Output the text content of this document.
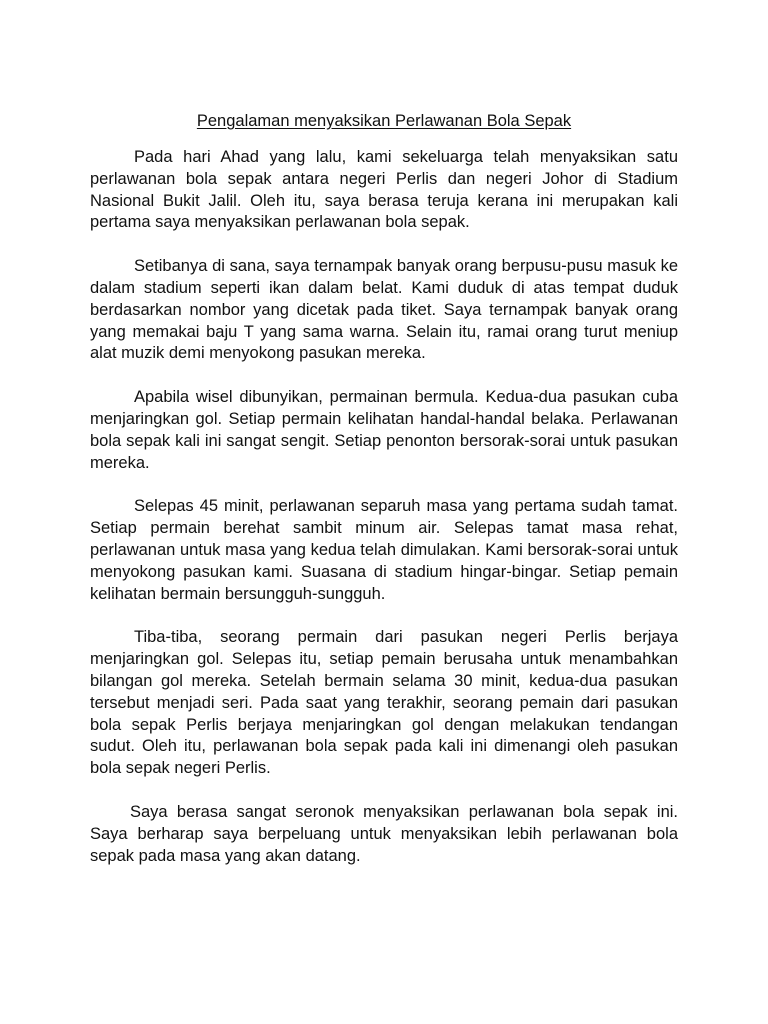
Pengalaman menyaksikan Perlawanan Bola Sepak

Pada hari Ahad yang lalu, kami sekeluarga telah menyaksikan satu perlawanan bola sepak antara negeri Perlis dan negeri Johor di Stadium Nasional Bukit Jalil. Oleh itu, saya berasa teruja kerana ini merupakan kali pertama saya menyaksikan perlawanan bola sepak.

Setibanya di sana, saya ternampak banyak orang berpusu-pusu masuk ke dalam stadium seperti ikan dalam belat. Kami duduk di atas tempat duduk berdasarkan nombor yang dicetak pada tiket. Saya ternampak banyak orang yang memakai baju T yang sama warna. Selain itu, ramai orang turut meniup alat muzik demi menyokong pasukan mereka.

Apabila wisel dibunyikan, permainan bermula. Kedua-dua pasukan cuba menjaringkan gol. Setiap permain kelihatan handal-handal belaka. Perlawanan bola sepak kali ini sangat sengit. Setiap penonton bersorak-sorai untuk pasukan mereka.

Selepas 45 minit, perlawanan separuh masa yang pertama sudah tamat. Setiap permain berehat sambit minum air. Selepas tamat masa rehat, perlawanan untuk masa yang kedua telah dimulakan. Kami bersorak-sorai untuk menyokong pasukan kami. Suasana di stadium hingar-bingar. Setiap pemain kelihatan bermain bersungguh-sungguh.

Tiba-tiba, seorang permain dari pasukan negeri Perlis berjaya menjaringkan gol. Selepas itu, setiap pemain berusaha untuk menambahkan bilangan gol mereka. Setelah bermain selama 30 minit, kedua-dua pasukan tersebut menjadi seri. Pada saat yang terakhir, seorang pemain dari pasukan bola sepak Perlis berjaya menjaringkan gol dengan melakukan tendangan sudut. Oleh itu, perlawanan bola sepak pada kali ini dimenangi oleh pasukan bola sepak negeri Perlis.

Saya berasa sangat seronok menyaksikan perlawanan bola sepak ini. Saya berharap saya berpeluang untuk menyaksikan lebih perlawanan bola sepak pada masa yang akan datang.
